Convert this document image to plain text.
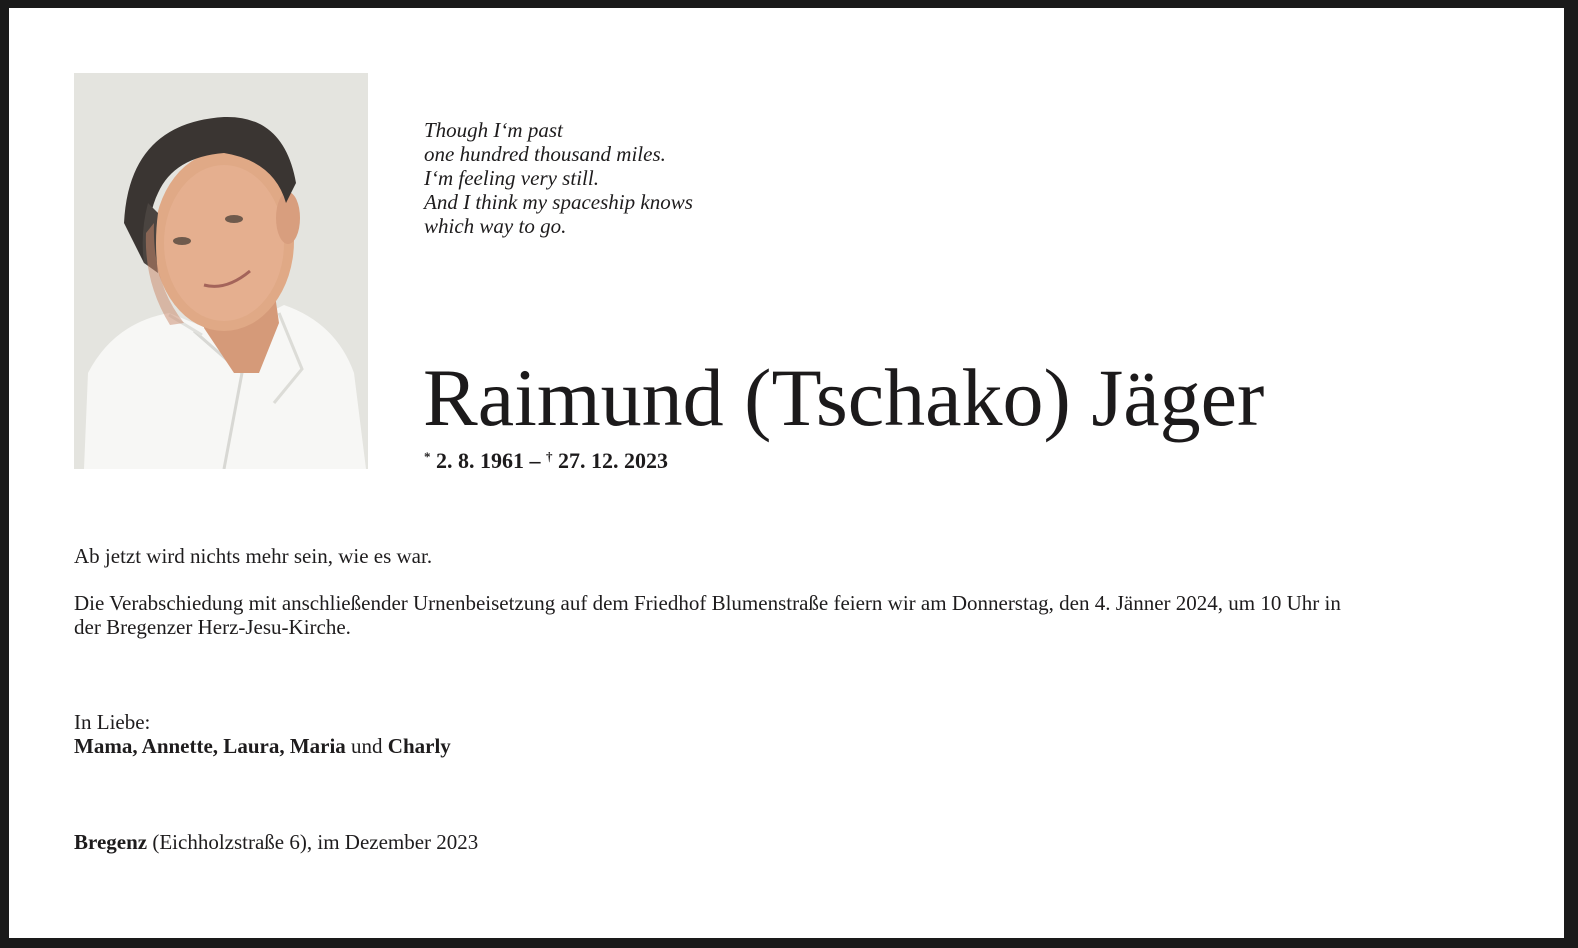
Though I‘m past
one hundred thousand miles.
I‘m feeling very still.
And I think my spaceship knows
which way to go.
Raimund (Tschako) Jäger
* 2. 8. 1961 – † 27. 12. 2023

Ab jetzt wird nichts mehr sein, wie es war.

Die Verabschiedung mit anschließender Urnenbeisetzung auf dem Friedhof Blumenstraße feiern wir am Donnerstag, den 4. Jänner 2024, um 10 Uhr in
der Bregenzer Herz-Jesu-Kirche.

In Liebe:
Mama, Annette, Laura, Maria und Charly
Bregenz (Eichholzstraße 6), im Dezember 2023
